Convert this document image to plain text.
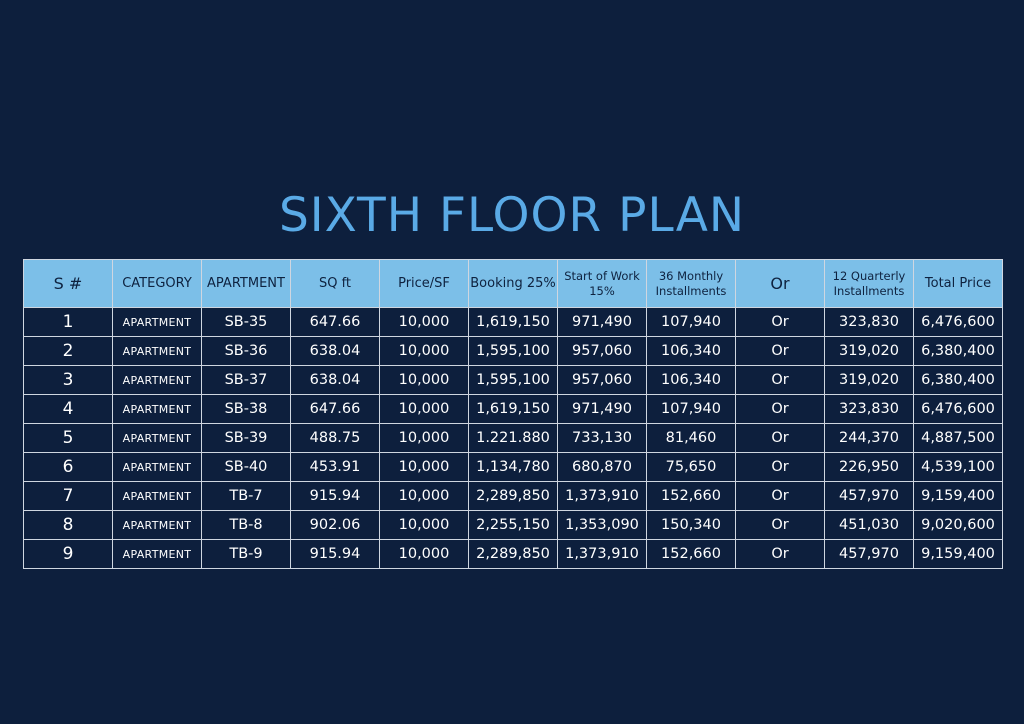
SIXTH FLOOR PLAN
S #	CATEGORY	APARTMENT	SQ ft	Price/SF	Booking 25%	Start of Work 15%	36 Monthly Installments	Or	12 Quarterly Installments	Total Price
1	APARTMENT	SB-35	647.66	10,000	1,619,150	971,490	107,940	Or	323,830	6,476,600
2	APARTMENT	SB-36	638.04	10,000	1,595,100	957,060	106,340	Or	319,020	6,380,400
3	APARTMENT	SB-37	638.04	10,000	1,595,100	957,060	106,340	Or	319,020	6,380,400
4	APARTMENT	SB-38	647.66	10,000	1,619,150	971,490	107,940	Or	323,830	6,476,600
5	APARTMENT	SB-39	488.75	10,000	1.221.880	733,130	81,460	Or	244,370	4,887,500
6	APARTMENT	SB-40	453.91	10,000	1,134,780	680,870	75,650	Or	226,950	4,539,100
7	APARTMENT	TB-7	915.94	10,000	2,289,850	1,373,910	152,660	Or	457,970	9,159,400
8	APARTMENT	TB-8	902.06	10,000	2,255,150	1,353,090	150,340	Or	451,030	9,020,600
9	APARTMENT	TB-9	915.94	10,000	2,289,850	1,373,910	152,660	Or	457,970	9,159,400
